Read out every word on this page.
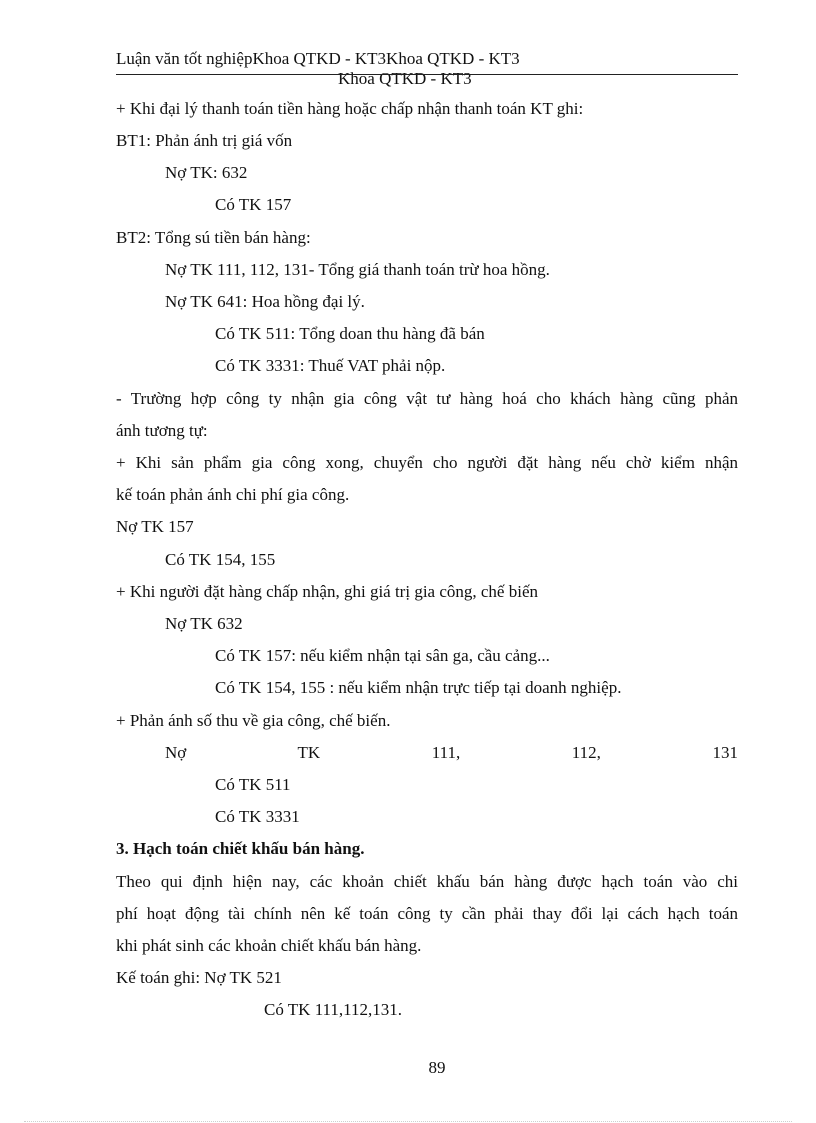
Luận văn tốt nghiệpKhoa QTKD - KT3Khoa QTKD - KT3
Khoa QTKD - KT3
+ Khi đại lý thanh toán tiền hàng hoặc chấp nhận thanh toán KT ghi:
BT1: Phản ánh trị giá vốn
Nợ TK: 632
Có TK 157
BT2: Tổng sú tiền bán hàng:
Nợ TK 111, 112, 131- Tổng giá thanh toán trừ hoa hồng.
Nợ TK 641: Hoa hồng đại lý.
Có TK 511: Tổng doan thu hàng đã bán
Có TK 3331: Thuế VAT phải nộp.
- Trường hợp công ty nhận gia công vật tư hàng hoá cho khách hàng cũng phản
ánh tương tự:
+ Khi sản phẩm gia công xong, chuyển cho người đặt hàng nếu chờ kiểm nhận
kế toán phản ánh chi phí gia công.
Nợ TK 157
Có TK 154, 155
+ Khi người đặt hàng chấp nhận, ghi giá trị gia công, chế biến
Nợ TK 632
Có TK 157: nếu kiểm nhận tại sân ga, cầu cảng...
Có TK 154, 155 : nếu kiểm nhận trực tiếp tại doanh nghiệp.
+ Phản ánh số thu về gia công, chế biến.
Nợ TK 111, 112, 131
Có TK 511
Có TK 3331
3. Hạch toán chiết khấu bán hàng.
Theo qui định hiện nay, các khoản chiết khấu bán hàng được hạch toán vào chi
phí hoạt động tài chính nên kế toán công ty cần phải thay đổi lại cách hạch toán
khi phát sinh các khoản chiết khấu bán hàng.
Kế toán ghi: Nợ TK 521
Có TK 111,112,131.
89
